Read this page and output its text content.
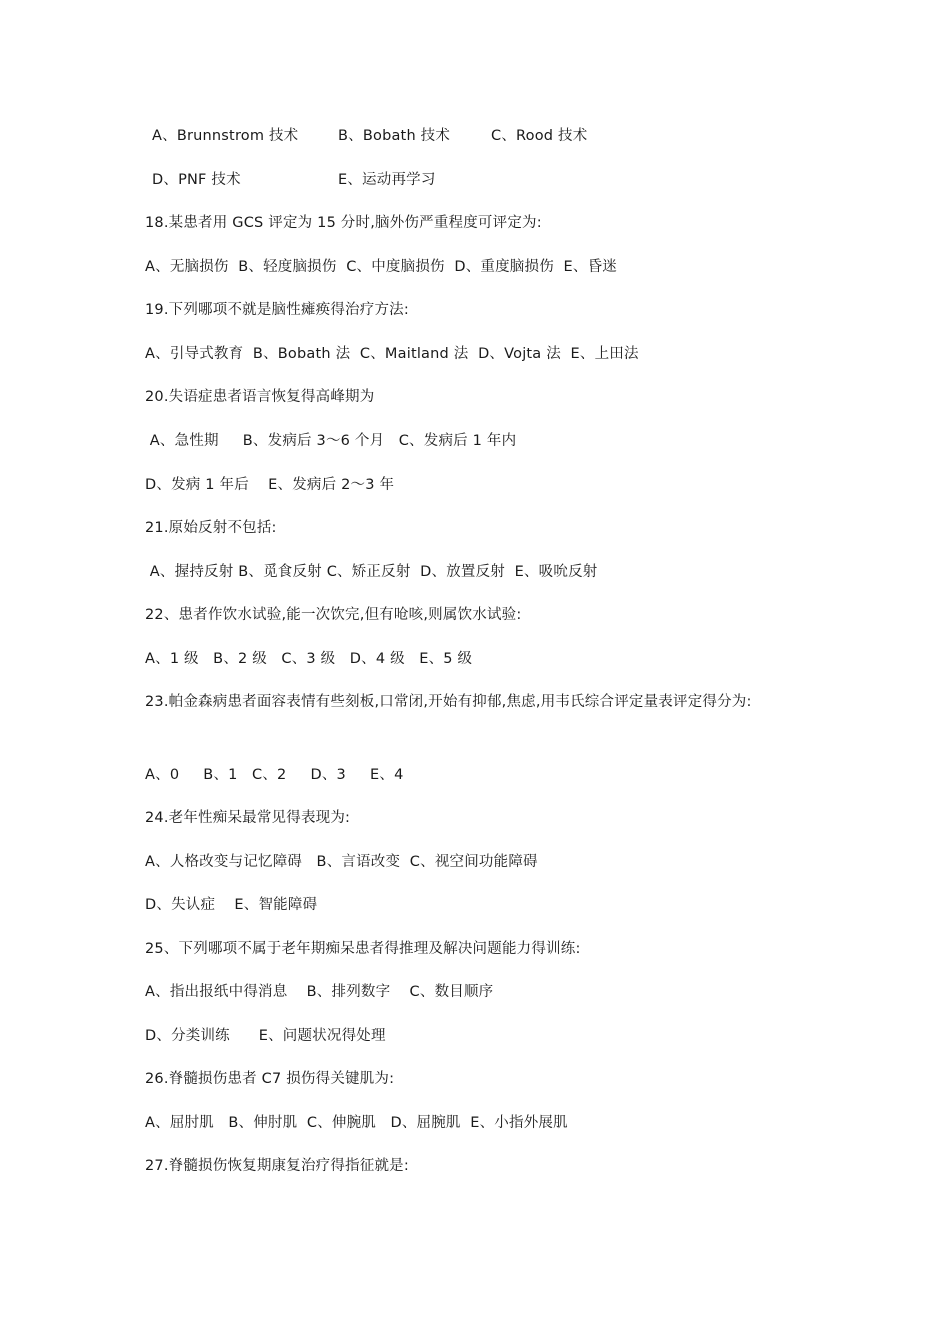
A、Brunnstrom 技术	B、Bobath 技术	C、Rood 技术
D、PNF 技术	E、运动再学习
18.某患者用 GCS 评定为 15 分时,脑外伤严重程度可评定为:
A、无脑损伤  B、轻度脑损伤  C、中度脑损伤  D、重度脑损伤  E、昏迷
19.下列哪项不就是脑性瘫痪得治疗方法:
A、引导式教育  B、Bobath 法  C、Maitland 法  D、Vojta 法  E、上田法
20.失语症患者语言恢复得高峰期为
A、急性期     B、发病后 3～6 个月   C、发病后 1 年内
D、发病 1 年后    E、发病后 2～3 年
21.原始反射不包括:
A、握持反射 B、觅食反射 C、矫正反射  D、放置反射  E、吸吮反射
22、患者作饮水试验,能一次饮完,但有呛咳,则属饮水试验:
A、1 级   B、2 级   C、3 级   D、4 级   E、5 级
23.帕金森病患者面容表情有些刻板,口常闭,开始有抑郁,焦虑,用韦氏综合评定量表评定得分为:
A、0     B、1   C、2     D、3     E、4
24.老年性痴呆最常见得表现为:
A、人格改变与记忆障碍   B、言语改变  C、视空间功能障碍
D、失认症    E、智能障碍
25、下列哪项不属于老年期痴呆患者得推理及解决问题能力得训练:
A、指出报纸中得消息    B、排列数字    C、数目顺序
D、分类训练      E、问题状况得处理
26.脊髓损伤患者 C7 损伤得关键肌为:
A、屈肘肌   B、伸肘肌  C、伸腕肌   D、屈腕肌  E、小指外展肌
27.脊髓损伤恢复期康复治疗得指征就是:
